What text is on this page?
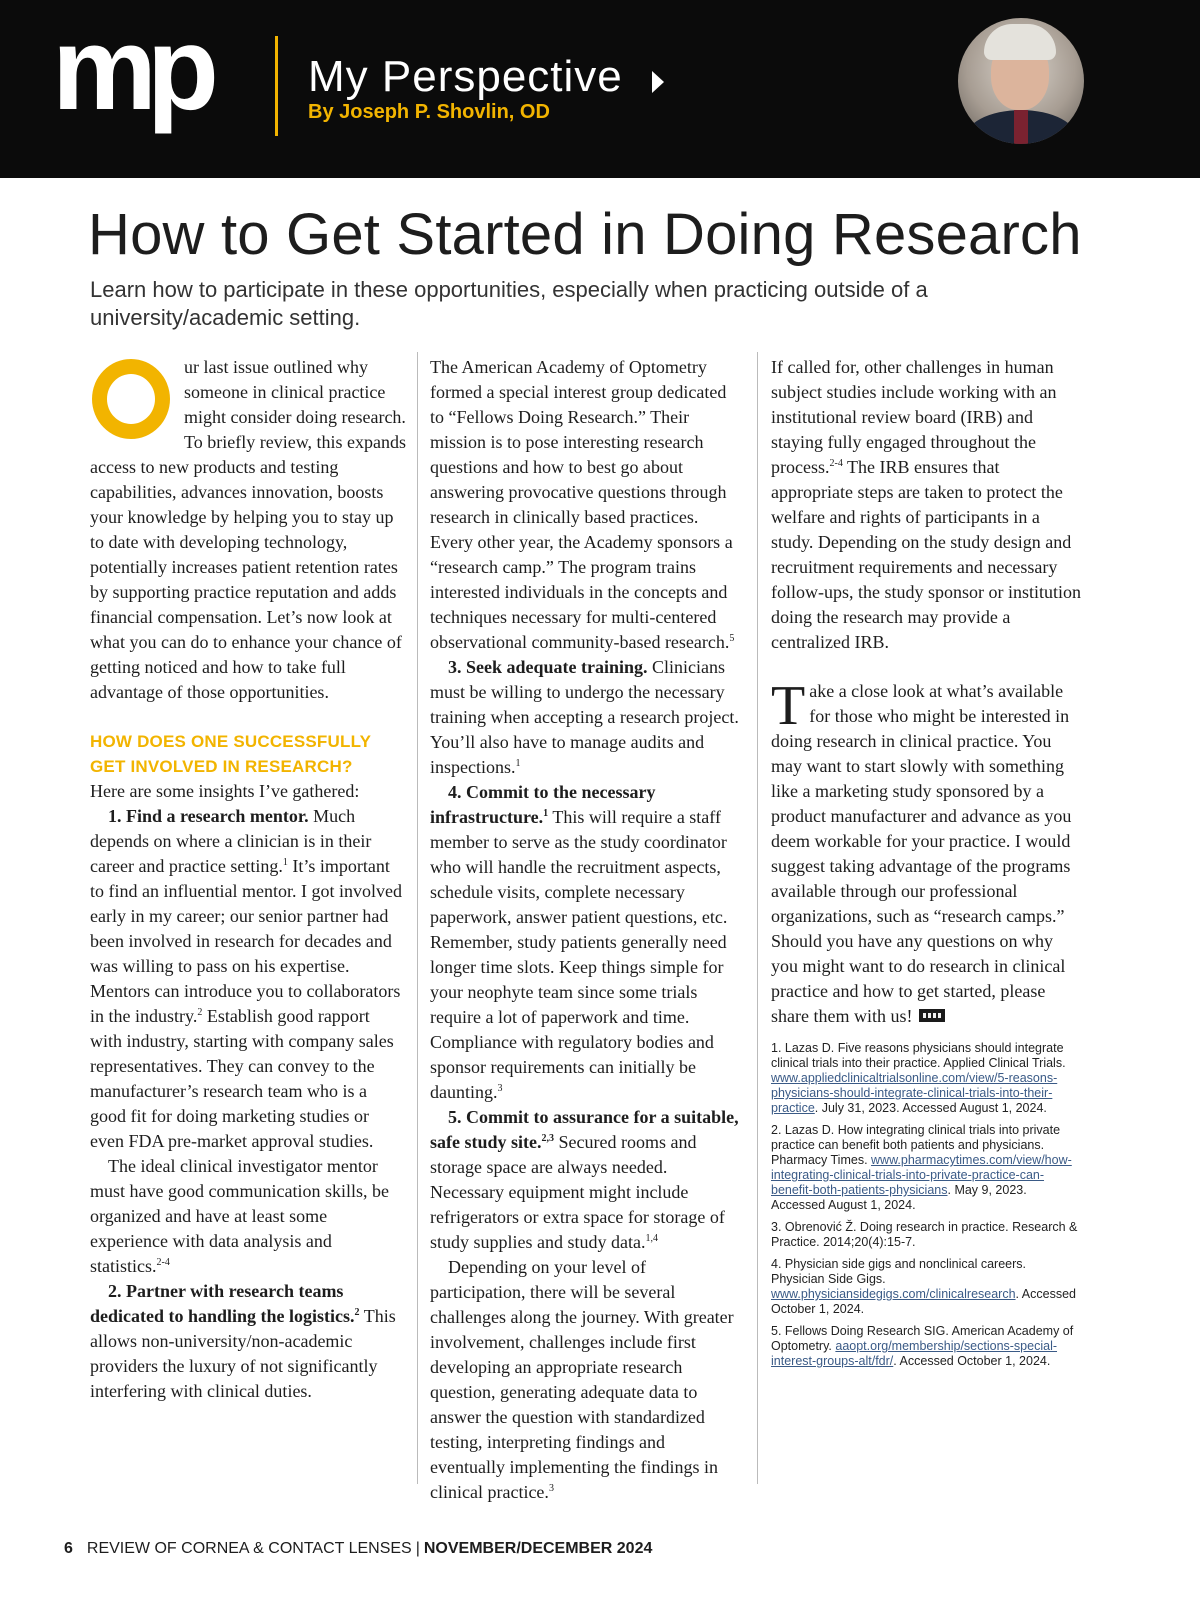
mp My Perspective
By Joseph P. Shovlin, OD
How to Get Started in Doing Research
Learn how to participate in these opportunities, especially when practicing outside of a university/academic setting.

ur last issue outlined why someone in clinical practice might consider doing research. To briefly review, this expands access to new products and testing capabilities, advances innovation, boosts your knowledge by helping you to stay up to date with developing technology, potentially increases patient retention rates by supporting practice reputation and adds financial compensation. Let’s now look at what you can do to enhance your chance of getting noticed and how to take full advantage of those opportunities.

HOW DOES ONE SUCCESSFULLY GET INVOLVED IN RESEARCH?

Here are some insights I’ve gathered:

1. Find a research mentor. Much depends on where a clinician is in their career and practice setting.$^1$ It’s important to find an influential mentor. I got involved early in my career; our senior partner had been involved in research for decades and was willing to pass on his expertise. Mentors can introduce you to collaborators in the industry.$^2$ Establish good rapport with industry, starting with company sales representatives. They can convey to the manufacturer’s research team who is a good fit for doing marketing studies or even FDA pre-market approval studies.

The ideal clinical investigator mentor must have good communication skills, be organized and have at least some experience with data analysis and statistics.$^{2-4}$

2. Partner with research teams dedicated to handling the logistics.$^2$ This allows non-university/non-academic providers the luxury of not significantly interfering with clinical duties.

The American Academy of Optometry formed a special interest group dedicated to “Fellows Doing Research.” Their mission is to pose interesting research questions and how to best go about answering provocative questions through research in clinically based practices. Every other year, the Academy sponsors a “research camp.” The program trains interested individuals in the concepts and techniques necessary for multi-centered observational community-based research.$^5$

3. Seek adequate training. Clinicians must be willing to undergo the necessary training when accepting a research project. You’ll also have to manage audits and inspections.$^1$

4. Commit to the necessary infrastructure.$^1$ This will require a staff member to serve as the study coordinator who will handle the recruitment aspects, schedule visits, complete necessary paperwork, answer patient questions, etc. Remember, study patients generally need longer time slots. Keep things simple for your neophyte team since some trials require a lot of paperwork and time. Compliance with regulatory bodies and sponsor requirements can initially be daunting.$^3$

5. Commit to assurance for a suitable, safe study site.$^{2,3}$ Secured rooms and storage space are always needed. Necessary equipment might include refrigerators or extra space for storage of study supplies and study data.$^{1,4}$

Depending on your level of participation, there will be several challenges along the journey. With greater involvement, challenges include first developing an appropriate research question, generating adequate data to answer the question with standardized testing, interpreting findings and eventually implementing the findings in clinical practice.$^3$

If called for, other challenges in human subject studies include working with an institutional review board (IRB) and staying fully engaged throughout the process.$^{2-4}$ The IRB ensures that appropriate steps are taken to protect the welfare and rights of participants in a study. Depending on the study design and recruitment requirements and necessary follow-ups, the study sponsor or institution doing the research may provide a centralized IRB.

Take a close look at what’s available for those who might be interested in doing research in clinical practice. You may want to start slowly with something like a marketing study sponsored by a product manufacturer and advance as you deem workable for your practice. I would suggest taking advantage of the programs available through our professional organizations, such as “research camps.” Should you have any questions on why you might want to do research in clinical practice and how to get started, please share them with us!

1. Lazas D. Five reasons physicians should integrate clinical trials into their practice. Applied Clinical Trials. www.appliedclinicaltrialsonline.com/view/5-reasons-physicians-should-integrate-clinical-trials-into-their-practice. July 31, 2023. Accessed August 1, 2024.
2. Lazas D. How integrating clinical trials into private practice can benefit both patients and physicians. Pharmacy Times. www.pharmacytimes.com/view/how-integrating-clinical-trials-into-private-practice-can-benefit-both-patients-physicians. May 9, 2023. Accessed August 1, 2024.
3. Obrenović Ž. Doing research in practice. Research & Practice. 2014;20(4):15-7.
4. Physician side gigs and nonclinical careers. Physician Side Gigs. www.physiciansidegigs.com/clinicalresearch. Accessed October 1, 2024.
5. Fellows Doing Research SIG. American Academy of Optometry. aaopt.org/membership/sections-special-interest-groups-alt/fdr/. Accessed October 1, 2024.
6 REVIEW OF CORNEA & CONTACT LENSES | NOVEMBER/DECEMBER 2024
